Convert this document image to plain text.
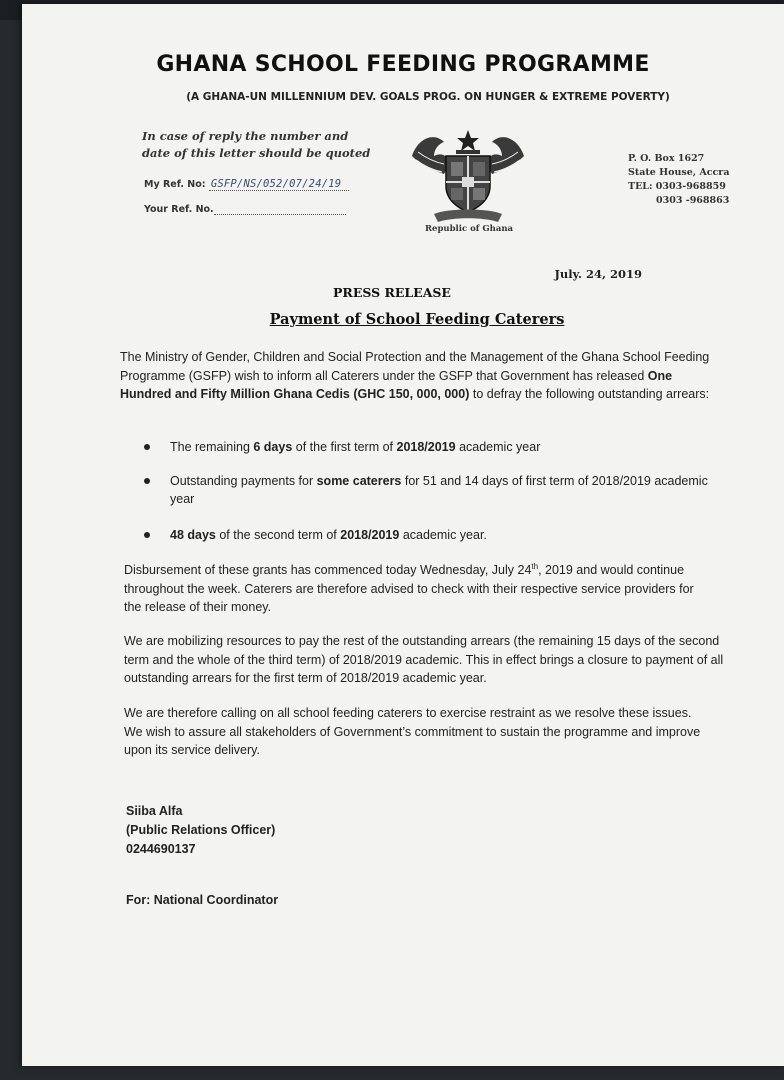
GHANA SCHOOL FEEDING PROGRAMME
(A GHANA-UN MILLENNIUM DEV. GOALS PROG. ON HUNGER & EXTREME POVERTY)
In case of reply the number and
date of this letter should be quoted
My Ref. No: GSFP/NS/052/07/24/19
Your Ref. No.
Republic of Ghana
P. O. Box 1627
State House, Accra
TEL: 0303-968859
0303 -968863
July. 24, 2019
PRESS RELEASE
Payment of School Feeding Caterers
The Ministry of Gender, Children and Social Protection and the Management of the Ghana School Feeding Programme (GSFP) wish to inform all Caterers under the GSFP that Government has released One Hundred and Fifty Million Ghana Cedis (GHC 150, 000, 000) to defray the following outstanding arrears:
The remaining 6 days of the first term of 2018/2019 academic year
Outstanding payments for some caterers for 51 and 14 days of first term of 2018/2019 academic year
48 days of the second term of 2018/2019 academic year.
Disbursement of these grants has commenced today Wednesday, July 24th, 2019 and would continue throughout the week. Caterers are therefore advised to check with their respective service providers for the release of their money.
We are mobilizing resources to pay the rest of the outstanding arrears (the remaining 15 days of the second term and the whole of the third term) of 2018/2019 academic. This in effect brings a closure to payment of all outstanding arrears for the first term of 2018/2019 academic year.
We are therefore calling on all school feeding caterers to exercise restraint as we resolve these issues.
We wish to assure all stakeholders of Government’s commitment to sustain the programme and improve upon its service delivery.
Siiba Alfa
(Public Relations Officer)
0244690137
For: National Coordinator
